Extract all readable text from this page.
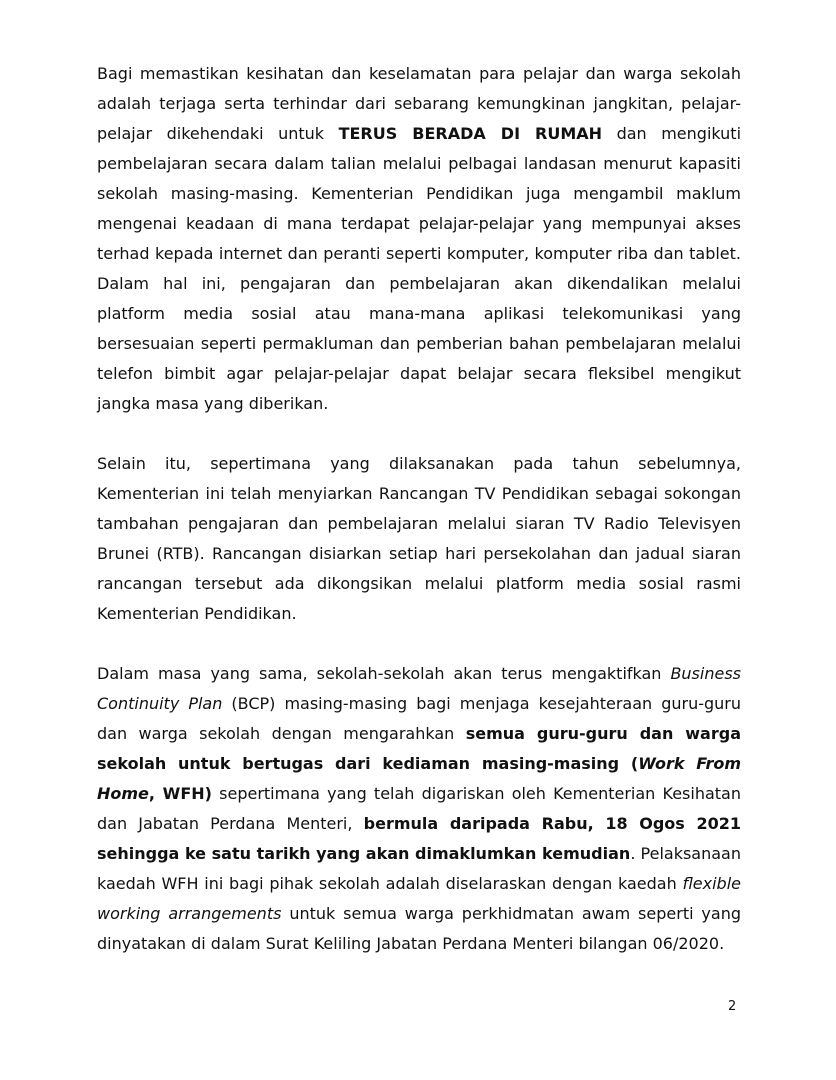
Bagi memastikan kesihatan dan keselamatan para pelajar dan warga sekolah adalah terjaga serta terhindar dari sebarang kemungkinan jangkitan, pelajar-pelajar dikehendaki untuk TERUS BERADA DI RUMAH dan mengikuti pembelajaran secara dalam talian melalui pelbagai landasan menurut kapasiti sekolah masing-masing. Kementerian Pendidikan juga mengambil maklum mengenai keadaan di mana terdapat pelajar-pelajar yang mempunyai akses terhad kepada internet dan peranti seperti komputer, komputer riba dan tablet. Dalam hal ini, pengajaran dan pembelajaran akan dikendalikan melalui platform media sosial atau mana-mana aplikasi telekomunikasi yang bersesuaian seperti permakluman dan pemberian bahan pembelajaran melalui telefon bimbit agar pelajar-pelajar dapat belajar secara fleksibel mengikut jangka masa yang diberikan.

Selain itu, sepertimana yang dilaksanakan pada tahun sebelumnya, Kementerian ini telah menyiarkan Rancangan TV Pendidikan sebagai sokongan tambahan pengajaran dan pembelajaran melalui siaran TV Radio Televisyen Brunei (RTB). Rancangan disiarkan setiap hari persekolahan dan jadual siaran rancangan tersebut ada dikongsikan melalui platform media sosial rasmi Kementerian Pendidikan.

Dalam masa yang sama, sekolah-sekolah akan terus mengaktifkan Business Continuity Plan (BCP) masing-masing bagi menjaga kesejahteraan guru-guru dan warga sekolah dengan mengarahkan semua guru-guru dan warga sekolah untuk bertugas dari kediaman masing-masing (Work From Home, WFH) sepertimana yang telah digariskan oleh Kementerian Kesihatan dan Jabatan Perdana Menteri, bermula daripada Rabu, 18 Ogos 2021 sehingga ke satu tarikh yang akan dimaklumkan kemudian. Pelaksanaan kaedah WFH ini bagi pihak sekolah adalah diselaraskan dengan kaedah flexible working arrangements untuk semua warga perkhidmatan awam seperti yang dinyatakan di dalam Surat Keliling Jabatan Perdana Menteri bilangan 06/2020.

2
